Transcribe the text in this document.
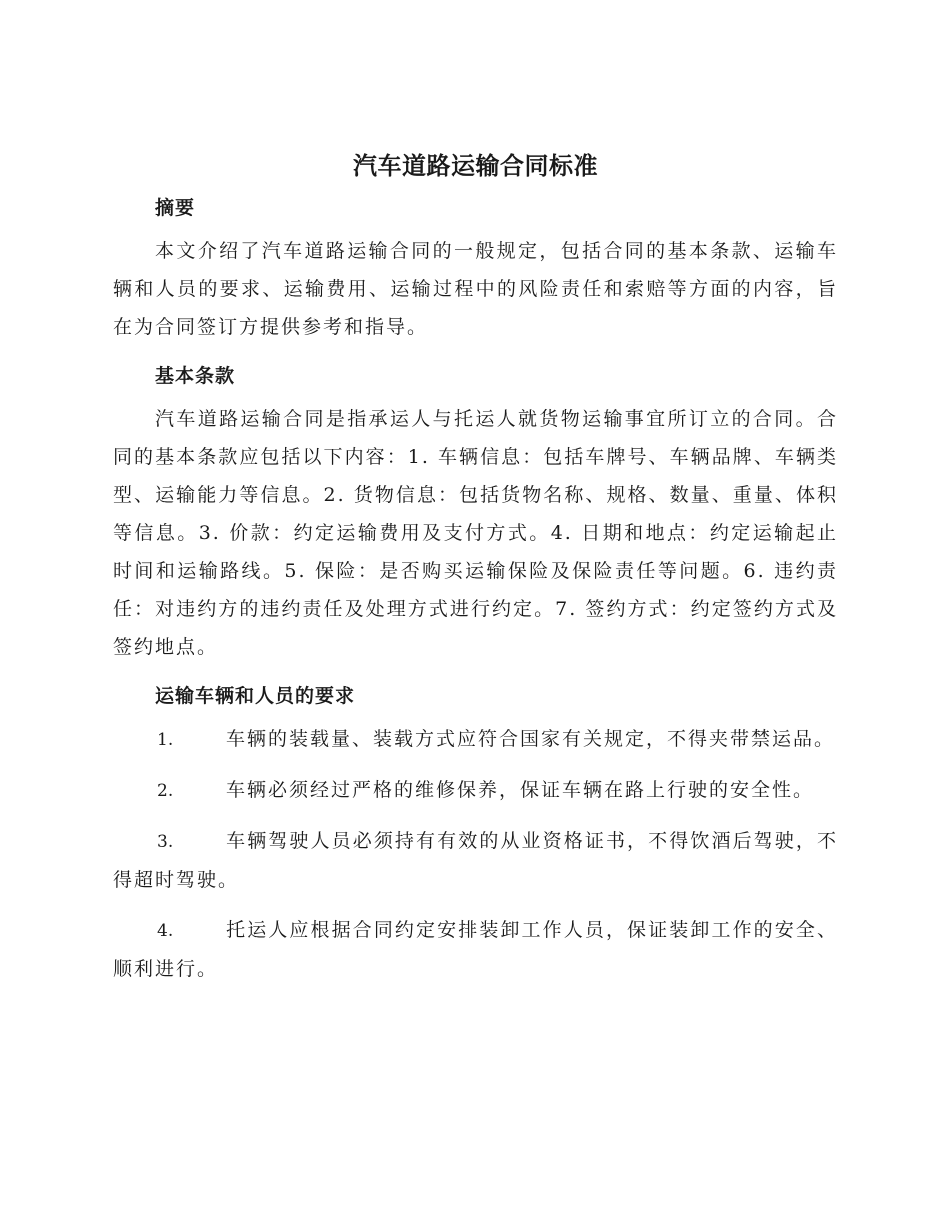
汽车道路运输合同标准
摘要

本文介绍了汽车道路运输合同的一般规定，包括合同的基本条款、运输车辆和人员的要求、运输费用、运输过程中的风险责任和索赔等方面的内容，旨在为合同签订方提供参考和指导。

基本条款

汽车道路运输合同是指承运人与托运人就货物运输事宜所订立的合同。合同的基本条款应包括以下内容：1. 车辆信息：包括车牌号、车辆品牌、车辆类型、运输能力等信息。2. 货物信息：包括货物名称、规格、数量、重量、体积等信息。3. 价款：约定运输费用及支付方式。4. 日期和地点：约定运输起止时间和运输路线。5. 保险：是否购买运输保险及保险责任等问题。6. 违约责任：对违约方的违约责任及处理方式进行约定。7. 签约方式：约定签约方式及签约地点。

运输车辆和人员的要求
1.	车辆的装载量、装载方式应符合国家有关规定，不得夹带禁运品。
2.	车辆必须经过严格的维修保养，保证车辆在路上行驶的安全性。
3.	车辆驾驶人员必须持有有效的从业资格证书，不得饮酒后驾驶，不得超时驾驶。
4.	托运人应根据合同约定安排装卸工作人员，保证装卸工作的安全、顺利进行。
